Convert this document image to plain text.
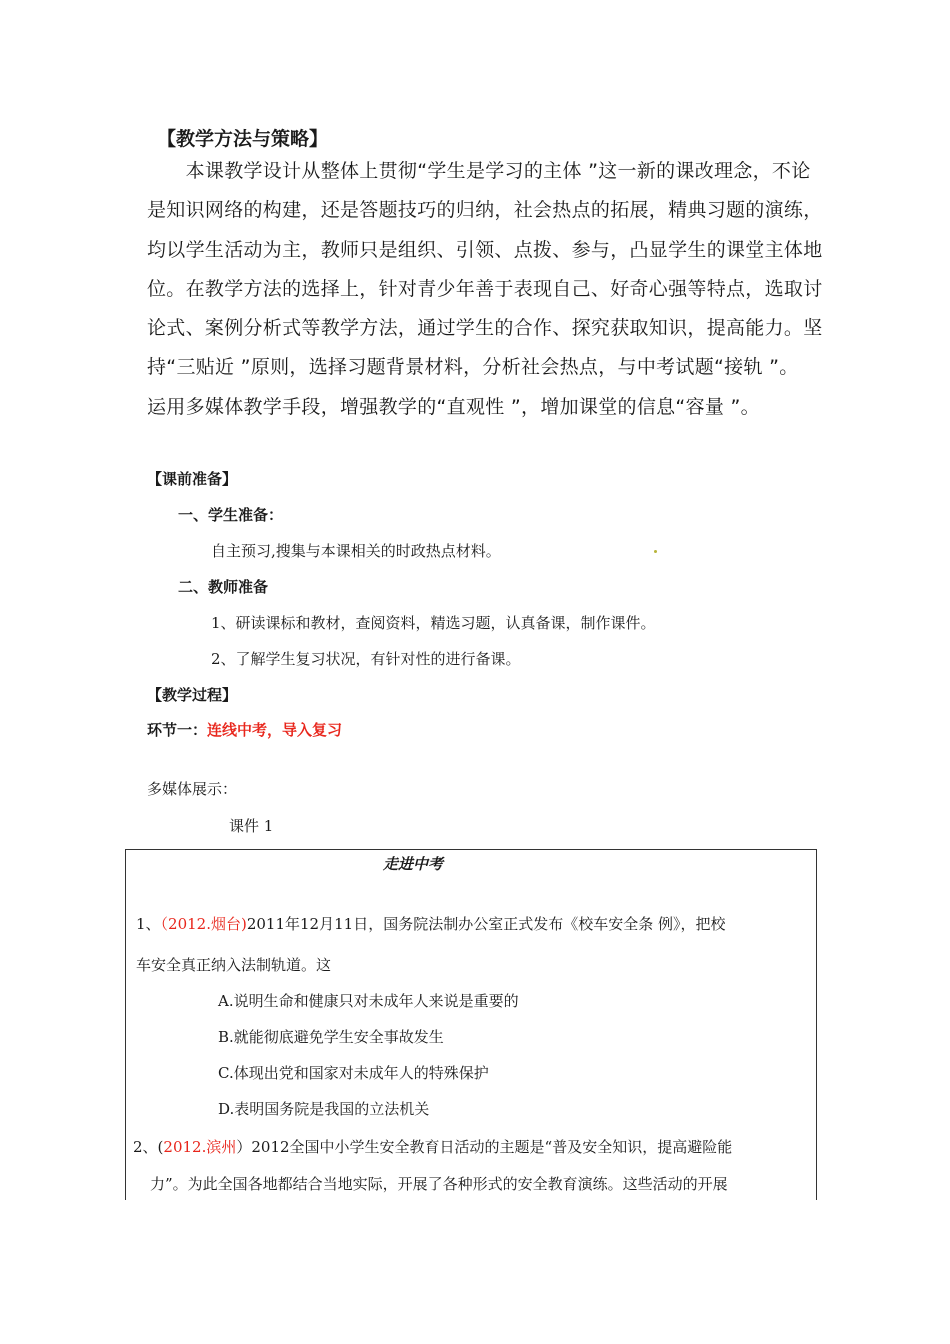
【教学方法与策略】

　　本课教学设计从整体上贯彻“学生是学习的主体 ”这一新的课改理念，不论

是知识网络的构建，还是答题技巧的归纳，社会热点的拓展，精典习题的演练，

均以学生活动为主，教师只是组织、引领、点拨、参与，凸显学生的课堂主体地

位。在教学方法的选择上，针对青少年善于表现自己、好奇心强等特点，选取讨

论式、案例分析式等教学方法，通过学生的合作、探究获取知识，提高能力。坚

持“三贴近 ”原则，选择习题背景材料，分析社会热点，与中考试题“接轨 ”。

运用多媒体教学手段，增强教学的“直观性 ”，增加课堂的信息“容量 ”。

【课前准备】
一、学生准备：
自主预习,搜集与本课相关的时政热点材料。
二、教师准备
1、研读课标和教材，查阅资料，精选习题，认真备课，制作课件。
2、了解学生复习状况，有针对性的进行备课。
【教学过程】
环节一：连线中考，导入复习
多媒体展示：
课件 1
走进中考
1、（2012.烟台)2011年12月11日，国务院法制办公室正式发布《校车安全条 例》，把校
车安全真正纳入法制轨道。这
A.说明生命和健康只对未成年人来说是重要的
B.就能彻底避免学生安全事故发生
C.体现出党和国家对未成年人的特殊保护
D.表明国务院是我国的立法机关
2、(2012.滨州）2012全国中小学生安全教育日活动的主题是“普及安全知识，提高避险能
力”。为此全国各地都结合当地实际，开展了各种形式的安全教育演练。这些活动的开展
